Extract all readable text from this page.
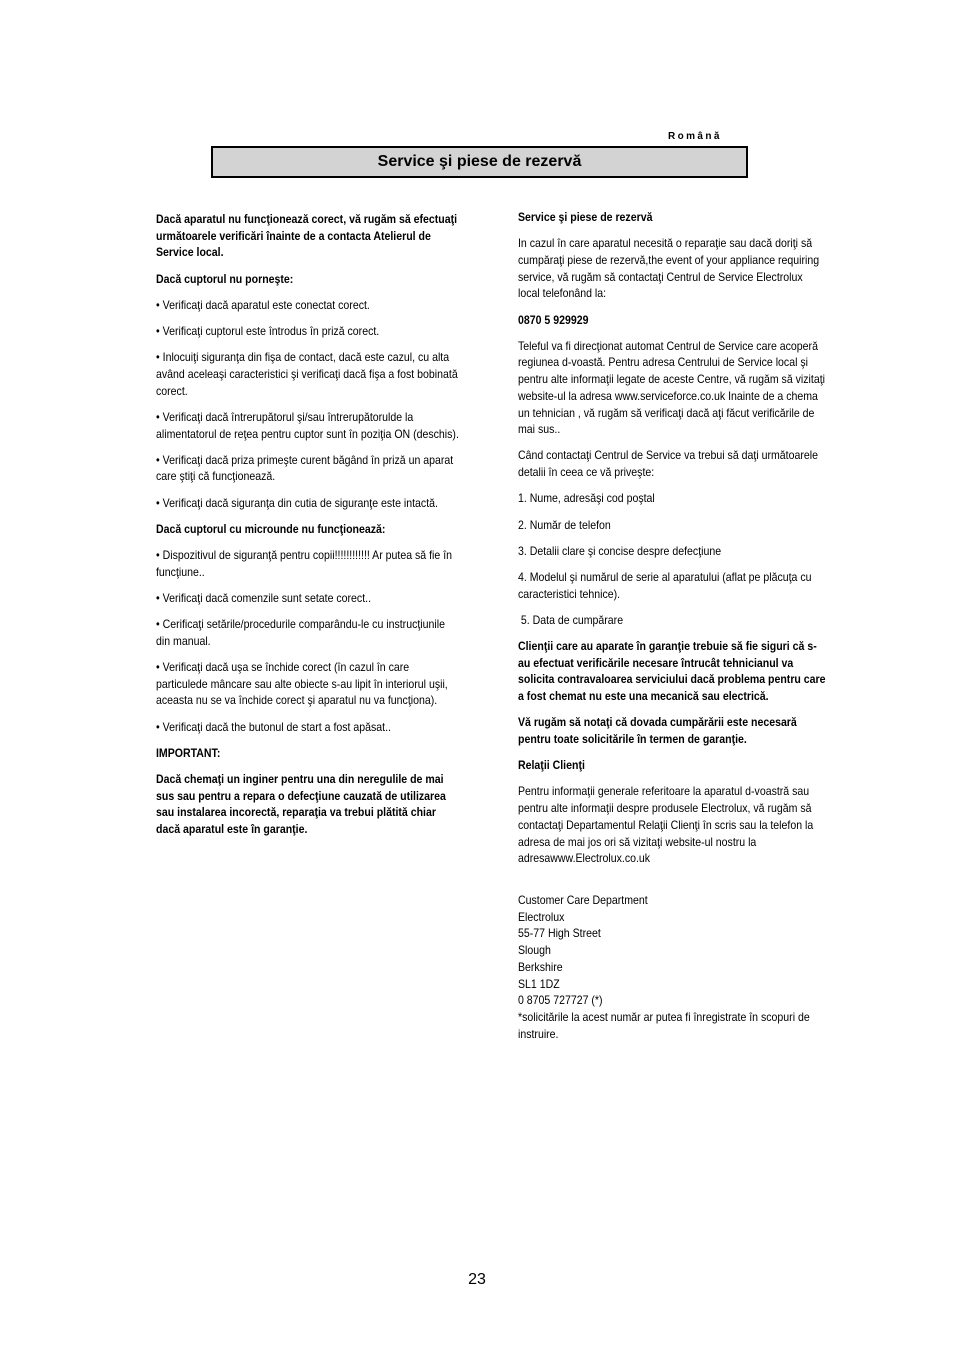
Română
Service şi piese de rezervă

Dacă aparatul nu funcţionează corect, vă rugăm să efectuaţi următoarele verificări înainte de a contacta Atelierul de Service local.

Dacă cuptorul nu porneşte:

• Verificaţi dacă aparatul este conectat corect.

• Verificaţi cuptorul este întrodus în priză corect.

• Inlocuiţi siguranţa din fişa de contact, dacă este cazul, cu alta având aceleaşi caracteristici şi verificaţi dacă fişa a fost bobinată corect.

• Verificaţi dacă întrerupătorul şi/sau întrerupătorulde la alimentatorul de reţea pentru cuptor sunt în poziţia ON (deschis).

• Verificaţi dacă priza primeşte curent băgând în priză un aparat care ştiţi că funcţionează.

• Verificaţi dacă siguranţa din cutia de siguranţe este intactă.

Dacă cuptorul cu microunde nu funcţionează:

• Dispozitivul de siguranţă pentru copii!!!!!!!!!!!! Ar putea să fie în funcţiune..

• Verificaţi dacă comenzile sunt setate corect..

• Cerificaţi setările/procedurile comparându-le cu instrucţiunile din manual.

• Verificaţi dacă uşa se închide corect (în cazul în care particulede mâncare sau alte obiecte s-au lipit în interiorul uşii, aceasta nu se va închide corect şi aparatul nu va funcţiona).

• Verificaţi dacă the butonul de start a fost apăsat..

IMPORTANT:

Dacă chemaţi un inginer pentru una din neregulile de mai sus sau pentru a repara o defecţiune cauzată de utilizarea sau instalarea incorectă, reparaţia va trebui plătită chiar dacă aparatul este în garanţie.

Service şi piese de rezervă

In cazul în care aparatul necesită o reparaţie sau dacă doriţi să cumpăraţi piese de rezervă,the event of your appliance requiring service, vă rugăm să contactaţi Centrul de Service Electrolux local telefonând la:

0870 5 929929

Teleful va fi direcţionat automat Centrul de Service care acoperă regiunea d-voastă. Pentru adresa Centrului de Service local şi pentru alte informaţii legate de aceste Centre, vă rugăm să vizitaţi website-ul la adresa www.serviceforce.co.uk Inainte de a chema un tehnician , vă rugăm să verificaţi dacă aţi făcut verificările de mai sus..

Când contactaţi Centrul de Service va trebui să daţi următoarele detalii în ceea ce vă priveşte:

1. Nume, adresăşi cod poştal

2. Număr de telefon

3. Detalii clare şi concise despre defecţiune

4. Modelul şi numărul de serie al aparatului (aflat pe plăcuţa cu caracteristici tehnice).

5. Data de cumpărare

Clienţii care au aparate în garanţie trebuie să fie siguri că s-au efectuat verificările necesare întrucât tehnicianul va solicita contravaloarea serviciului dacă problema pentru care a fost chemat nu este una mecanică sau electrică.

Vă rugăm să notaţi că dovada cumpărării este necesară pentru toate solicitările în termen de garanţie.

Relaţii Clienţi

Pentru informaţii generale referitoare la aparatul d-voastră sau pentru alte informaţii despre produsele Electrolux, vă rugăm să contactaţi Departamentul Relaţii Clienţi în scris sau la telefon la adresa de mai jos ori să vizitaţi website-ul nostru la adresawww.Electrolux.co.uk

Customer Care Department
Electrolux
55-77 High Street
Slough
Berkshire
SL1 1DZ
0 8705 727727 (*)

*solicitările la acest număr ar putea fi înregistrate în scopuri de instruire.

23
